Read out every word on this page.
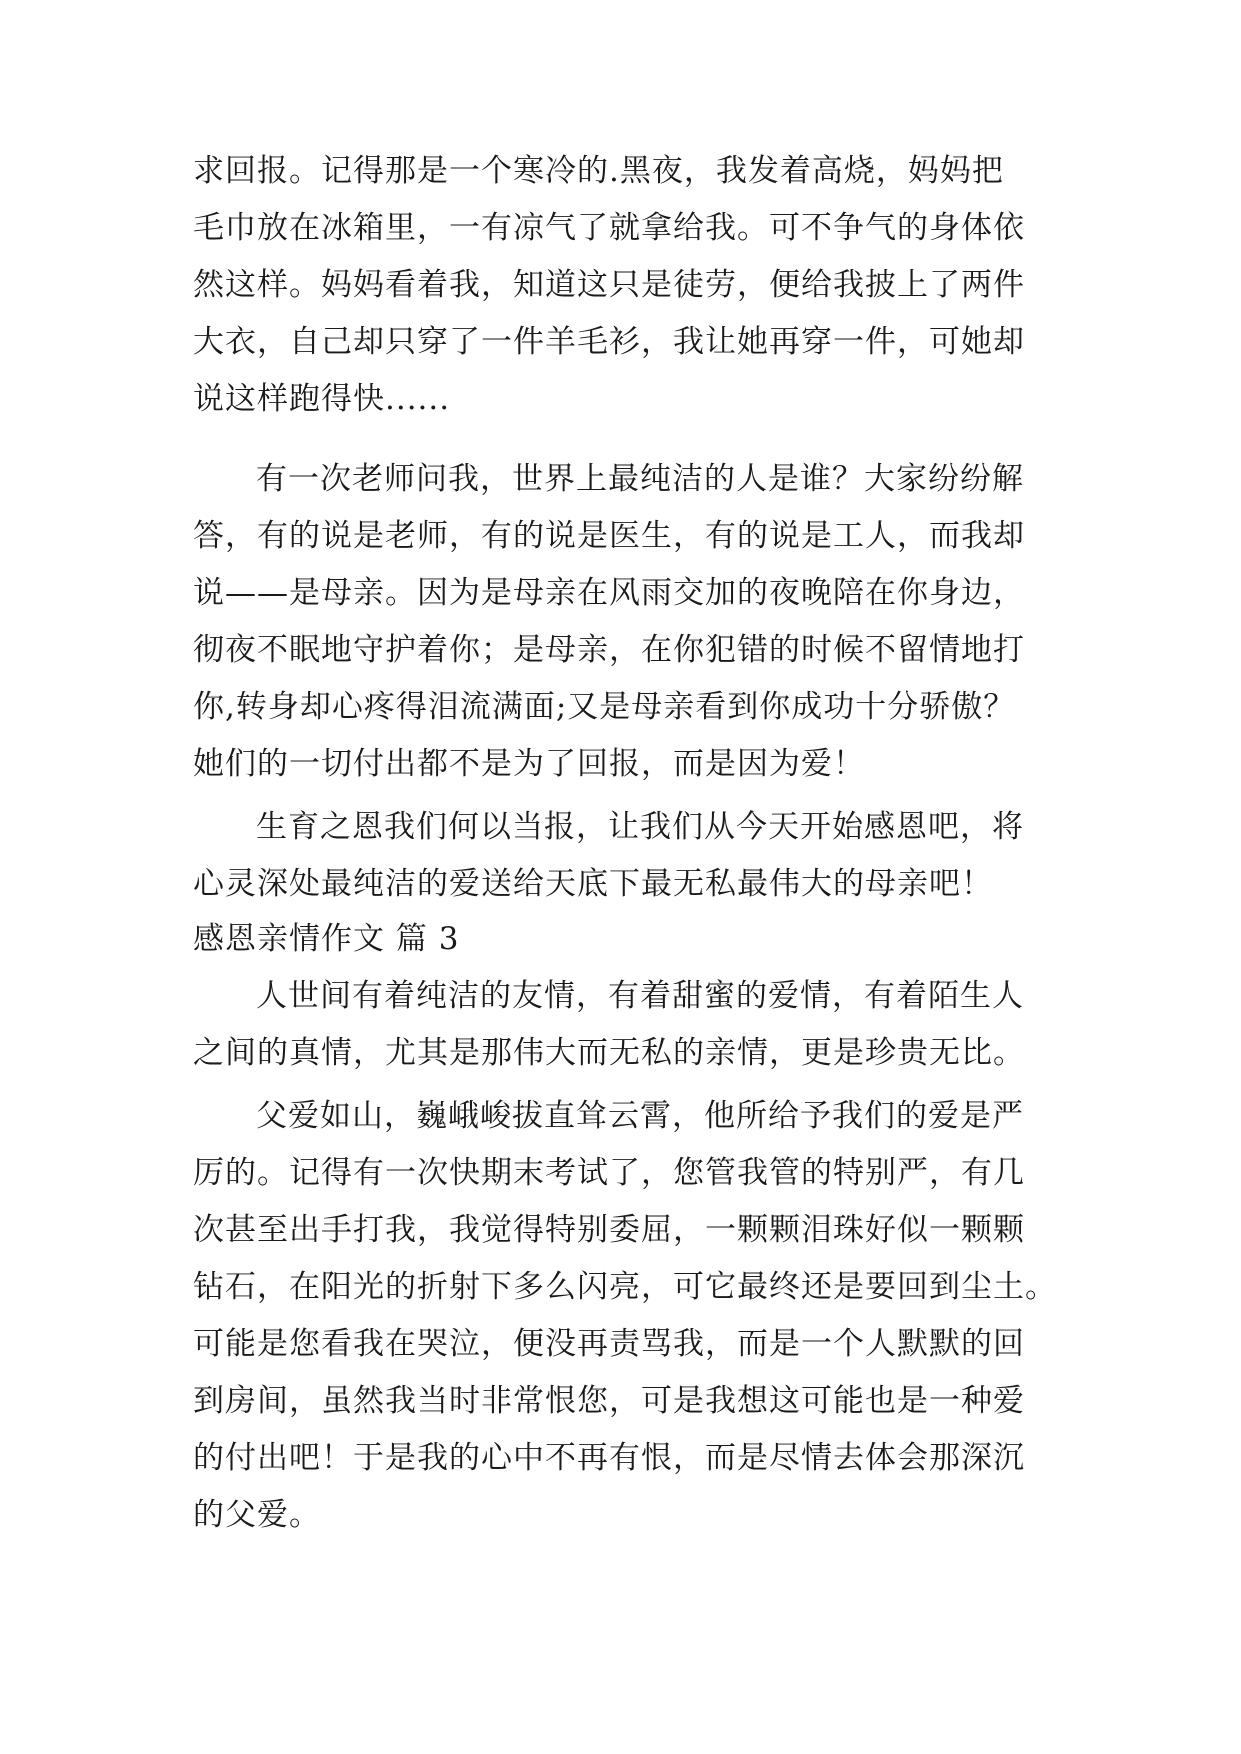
求回报。记得那是一个寒冷的.黑夜，我发着高烧，妈妈把
毛巾放在冰箱里，一有凉气了就拿给我。可不争气的身体依
然这样。妈妈看着我，知道这只是徒劳，便给我披上了两件
大衣，自己却只穿了一件羊毛衫，我让她再穿一件，可她却
说这样跑得快......
有一次老师问我，世界上最纯洁的人是谁？大家纷纷解
答，有的说是老师，有的说是医生，有的说是工人，而我却
说——是母亲。因为是母亲在风雨交加的夜晚陪在你身边，
彻夜不眠地守护着你；是母亲，在你犯错的时候不留情地打
你,转身却心疼得泪流满面;又是母亲看到你成功十分骄傲？
她们的一切付出都不是为了回报，而是因为爱！
生育之恩我们何以当报，让我们从今天开始感恩吧，将
心灵深处最纯洁的爱送给天底下最无私最伟大的母亲吧！
感恩亲情作文 篇 3
人世间有着纯洁的友情，有着甜蜜的爱情，有着陌生人
之间的真情，尤其是那伟大而无私的亲情，更是珍贵无比。
父爱如山，巍峨峻拔直耸云霄，他所给予我们的爱是严
厉的。记得有一次快期末考试了，您管我管的特别严，有几
次甚至出手打我，我觉得特别委屈，一颗颗泪珠好似一颗颗
钻石，在阳光的折射下多么闪亮，可它最终还是要回到尘土。
可能是您看我在哭泣，便没再责骂我，而是一个人默默的回
到房间，虽然我当时非常恨您，可是我想这可能也是一种爱
的付出吧！于是我的心中不再有恨，而是尽情去体会那深沉
的父爱。
